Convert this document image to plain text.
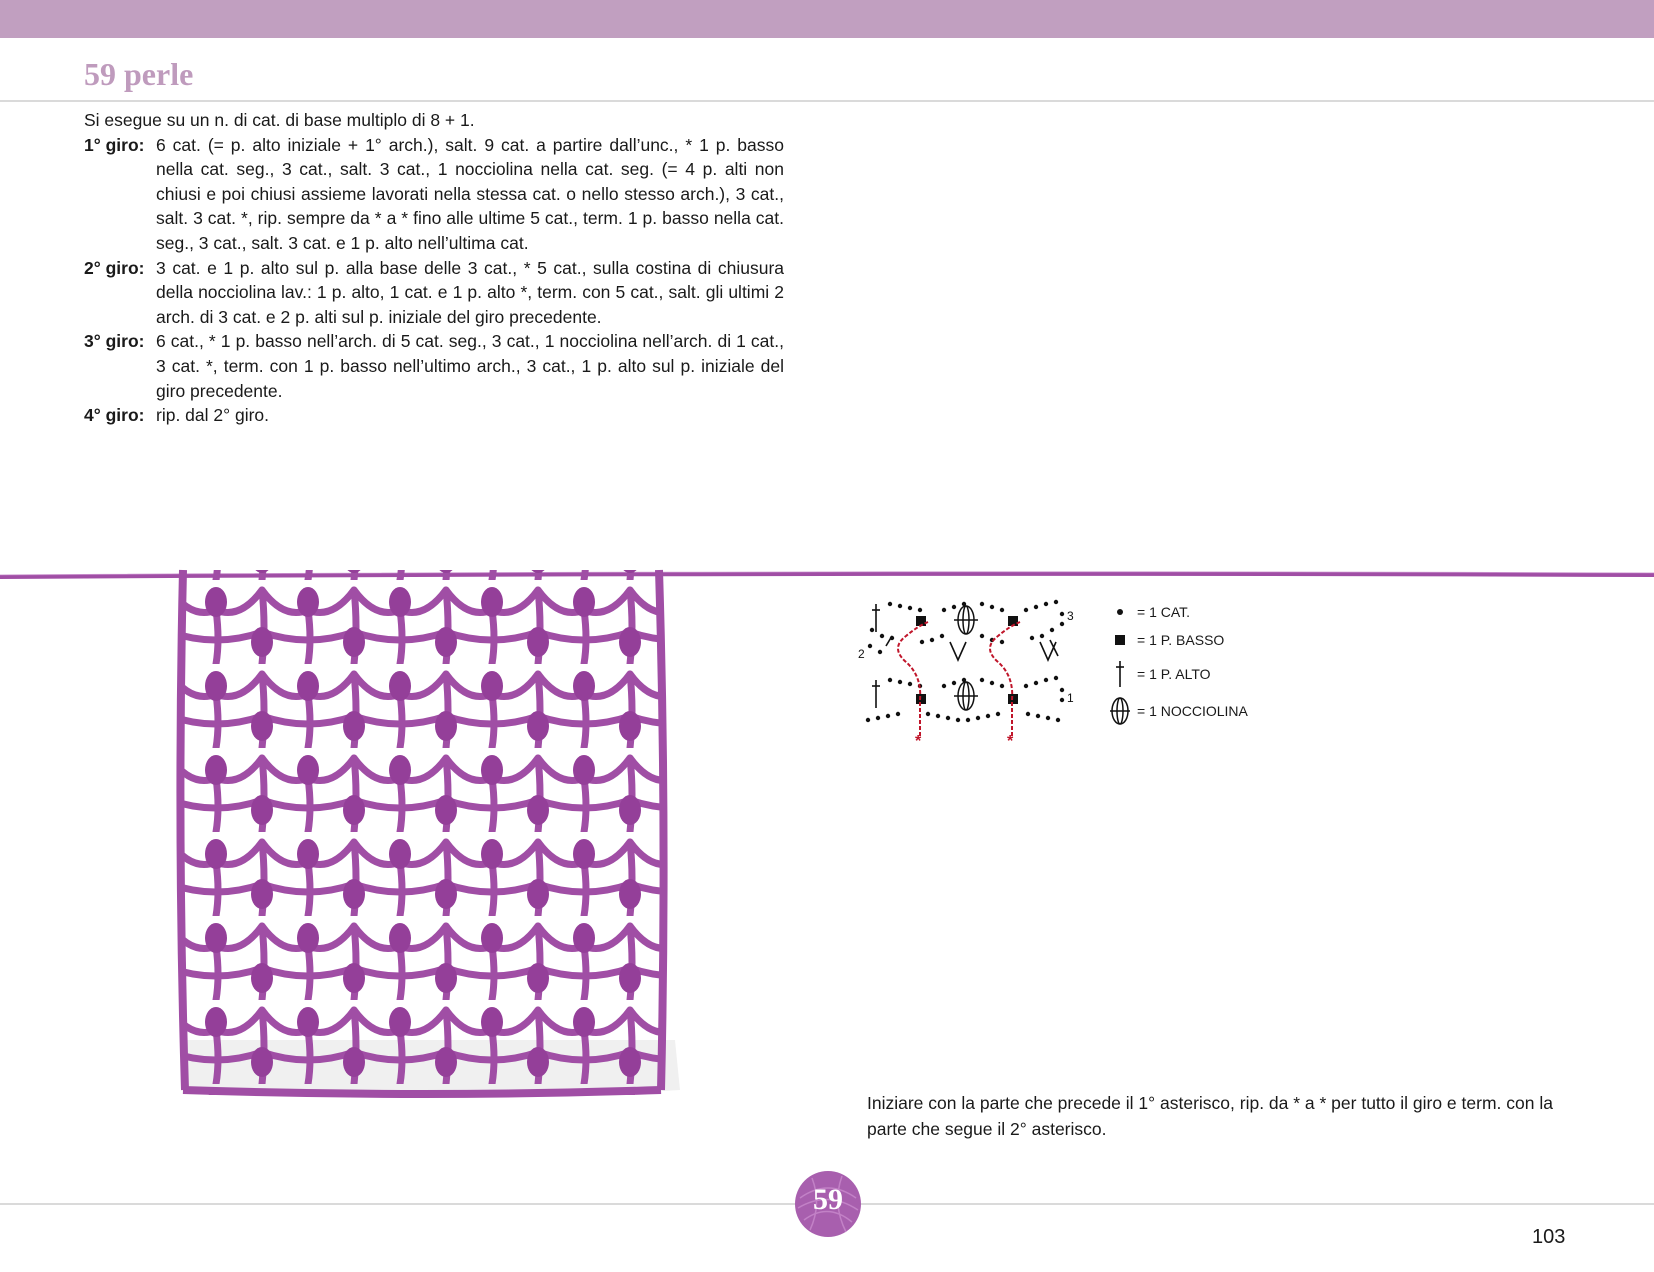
59 perle

Si esegue su un n. di cat. di base multiplo di 8 + 1.

1° giro: 6 cat. (= p. alto iniziale + 1° arch.), salt. 9 cat. a partire dall’unc., * 1 p. basso nella cat. seg., 3 cat., salt. 3 cat., 1 nocciolina nella cat. seg. (= 4 p. alti non chiusi e poi chiusi assieme lavorati nella stessa cat. o nello stesso arch.), 3 cat., salt. 3 cat. *, rip. sempre da * a * fino alle ultime 5 cat., term. 1 p. basso nella cat. seg., 3 cat., salt. 3 cat. e 1 p. alto nell’ultima cat.
2° giro: 3 cat. e 1 p. alto sul p. alla base delle 3 cat., * 5 cat., sulla costina di chiusura della nocciolina lav.: 1 p. alto, 1 cat. e 1 p. alto *, term. con 5 cat., salt. gli ultimi 2 arch. di 3 cat. e 2 p. alti sul p. iniziale del giro precedente.
3° giro: 6 cat., * 1 p. basso nell’arch. di 5 cat. seg., 3 cat., 1 nocciolina nell’arch. di 1 cat., 3 cat. *, term. con 1 p. basso nell’ultimo arch., 3 cat., 1 p. alto sul p. iniziale del giro precedente.
4° giro: rip. dal 2° giro.
3
2
1
*	*
= 1 CAT.
= 1 P. BASSO
= 1 P. ALTO
= 1 NOCCIOLINA

Iniziare con la parte che precede il 1° asterisco, rip. da * a * per tutto il giro e term. con la parte che segue il 2° asterisco.

59
103
